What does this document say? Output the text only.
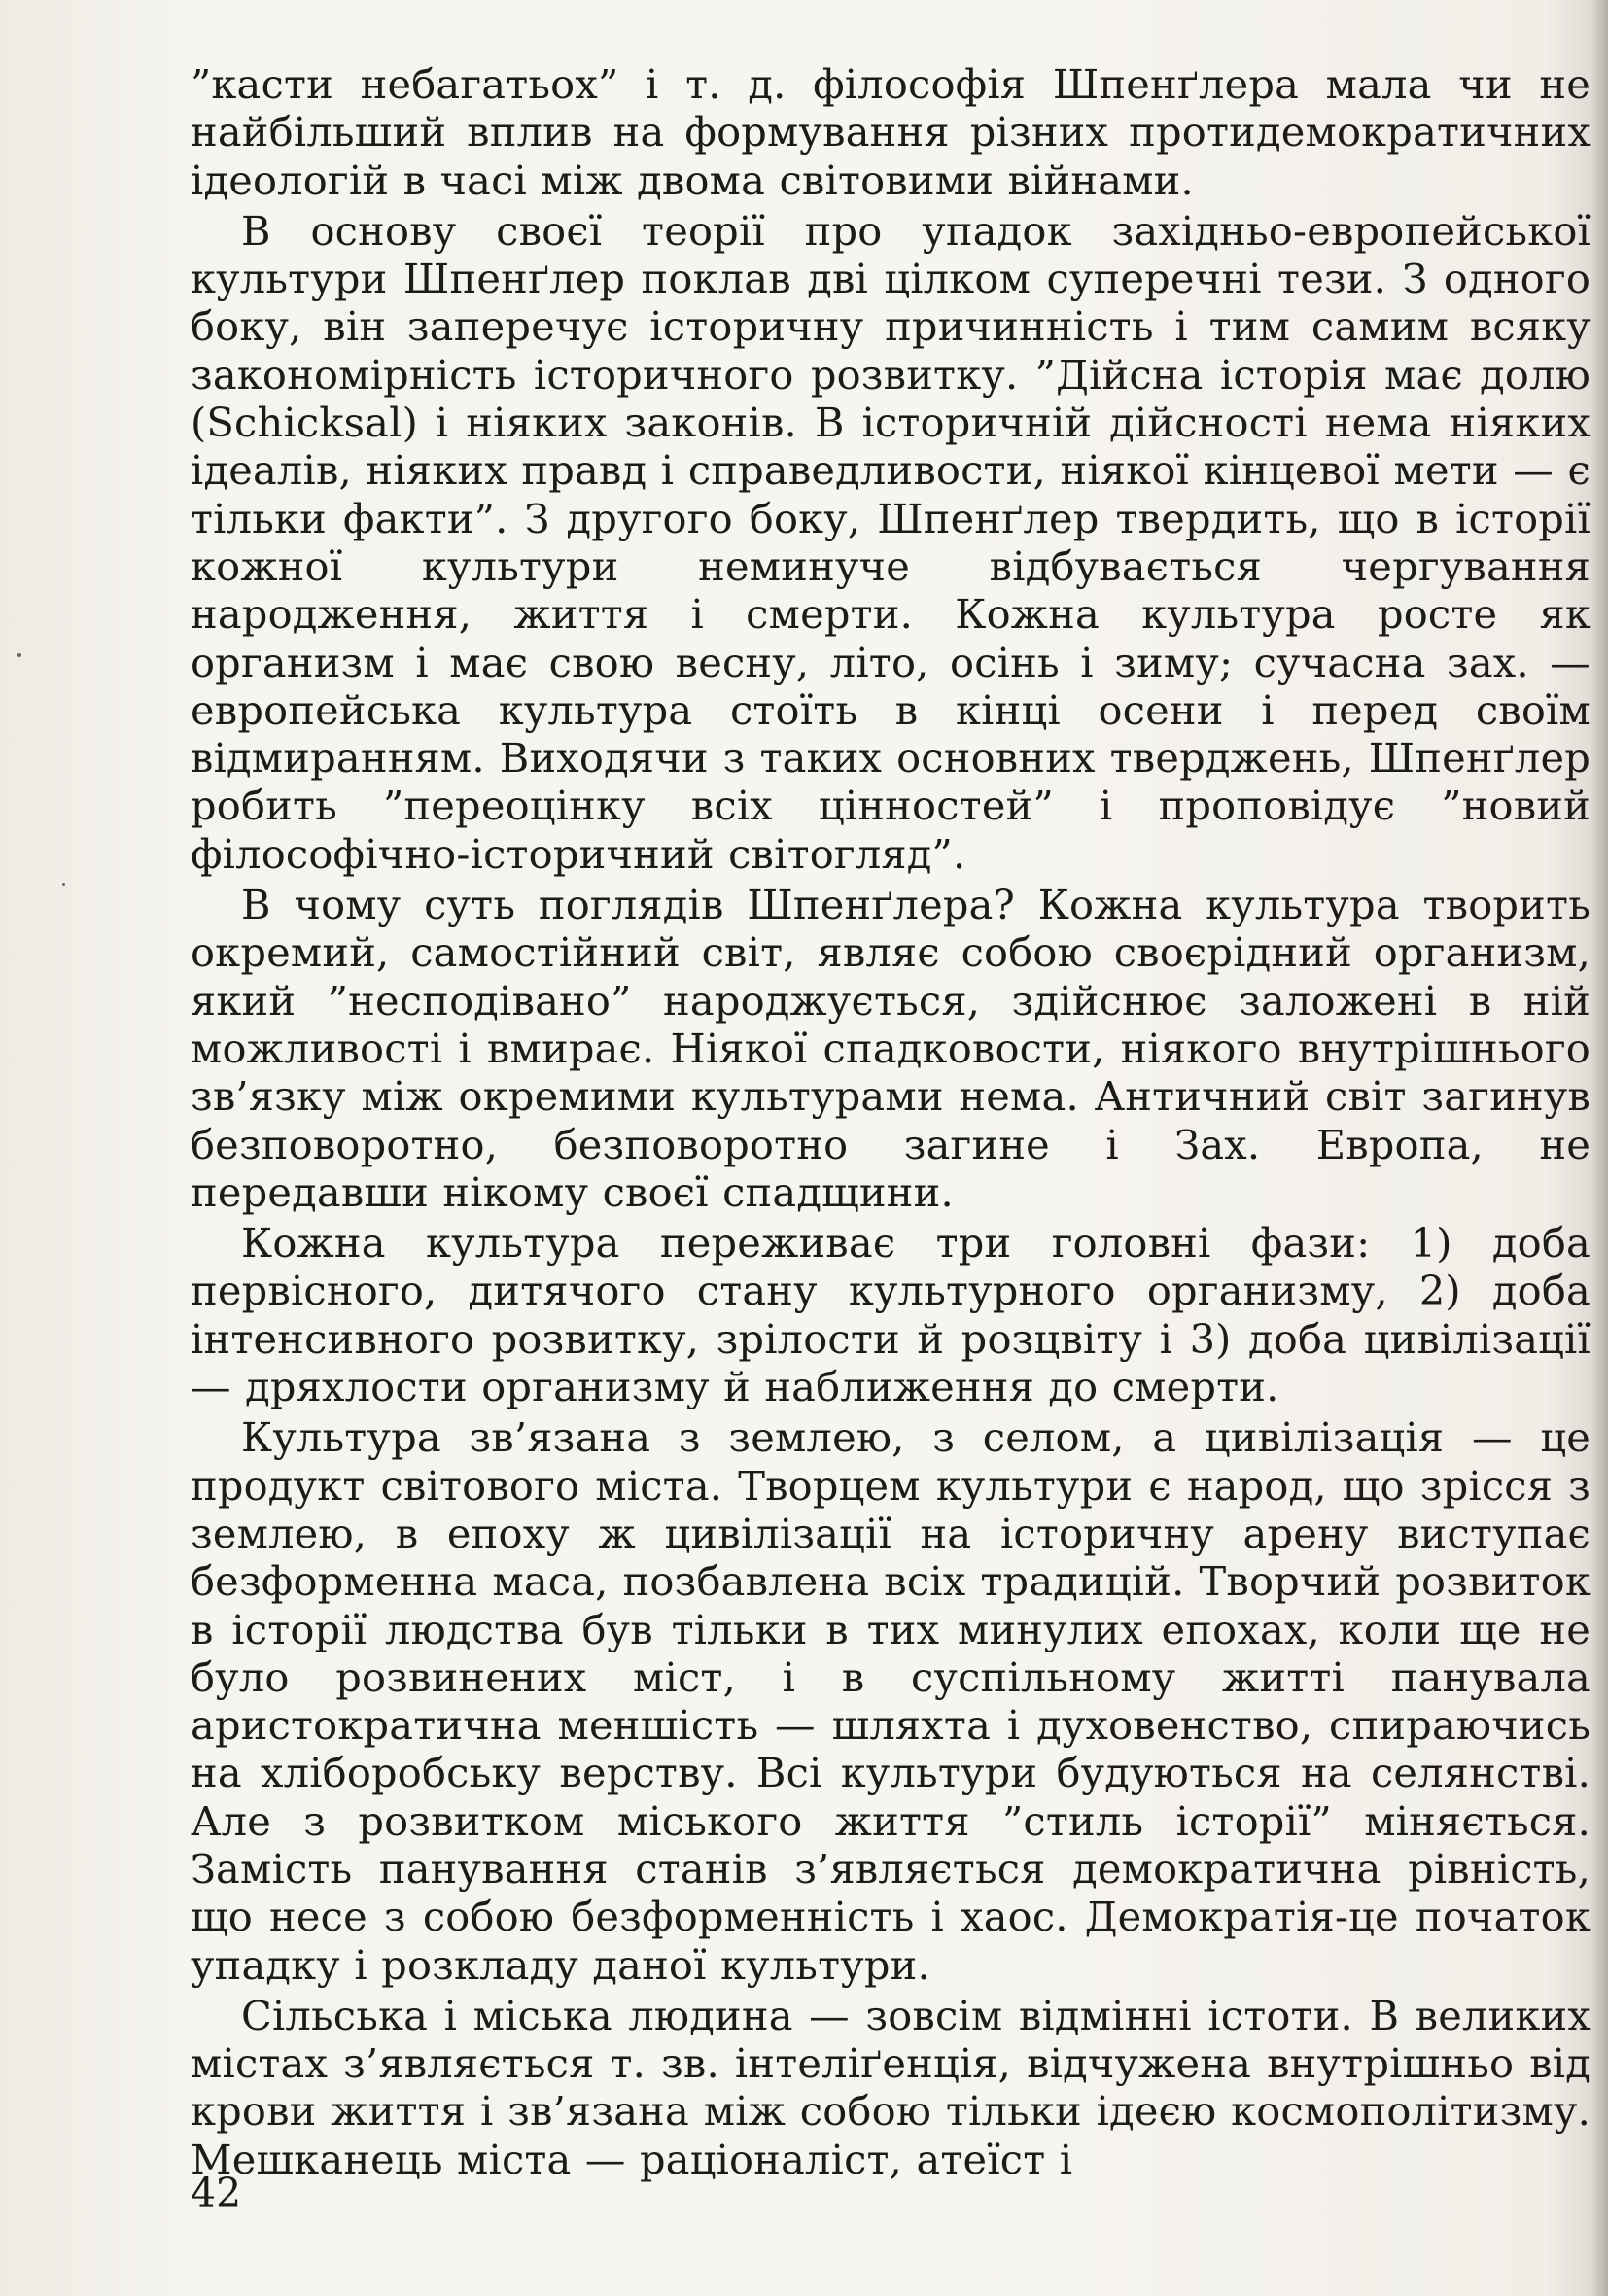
”касти небагатьох” і т. д. філософія Шпенґлера мала чи не найбільший вплив на формування різних протидемократичних ідеологій в часі між двома світовими війнами.

В основу своєї теорії про упадок західньо-европейської культури Шпенґлер поклав дві цілком суперечні тези. З одного боку, він заперечує історичну причинність і тим самим всяку закономірність історичного розвитку. ”Дійсна історія має долю (Schicksal) і ніяких законів. В історичній дійсності нема ніяких ідеалів, ніяких правд і справедливости, ніякої кінцевої мети — є тільки факти”. З другого боку, Шпенґлер твердить, що в історії кожної культури неминуче відбувається чергування народження, життя і смерти. Кожна культура росте як организм і має свою весну, літо, осінь і зиму; сучасна зах. — европейська культура стоїть в кінці осени і перед своїм відмиранням. Виходячи з таких основних тверджень, Шпенґлер робить ”переоцінку всіх цінностей” і проповідує ”новий філософічно-історичний світогляд”.

В чому суть поглядів Шпенґлера? Кожна культура творить окремий, самостійний світ, являє собою своєрідний организм, який ”несподівано” народжується, здійснює заложені в ній можливості і вмирає. Ніякої спадковости, ніякого внутрішнього зв’язку між окремими культурами нема. Античний світ загинув безповоротно, безповоротно загине і Зах. Европа, не передавши нікому своєї спадщини.

Кожна культура переживає три головні фази: 1) доба первісного, дитячого стану культурного организму, 2) доба інтенсивного розвитку, зрілости й розцвіту і 3) доба цивілізації — дряхлости организму й наближення до смерти.

Культура зв’язана з землею, з селом, а цивілізація — це продукт світового міста. Творцем культури є народ, що зрісся з землею, в епоху ж цивілізації на історичну арену виступає безформенна маса, позбавлена всіх традицій. Творчий розвиток в історії людства був тільки в тих минулих епохах, коли ще не було розвинених міст, і в суспільному житті панувала аристократична меншість — шляхта і духовенство, спираючись на хліборобську верству. Всі культури будуються на селянстві. Але з розвитком міського життя ”стиль історії” міняється. Замість панування станів з’являється демократична рівність, що несе з собою безформенність і хаос. Демократія-це початок упадку і розкладу даної культури.

Сільська і міська людина — зовсім відмінні істоти. В великих містах з’являється т. зв. інтеліґенція, відчужена внутрішньо від крови життя і зв’язана між собою тільки ідеєю космополітизму. Мешканець міста — раціоналіст, атеїст і

42
